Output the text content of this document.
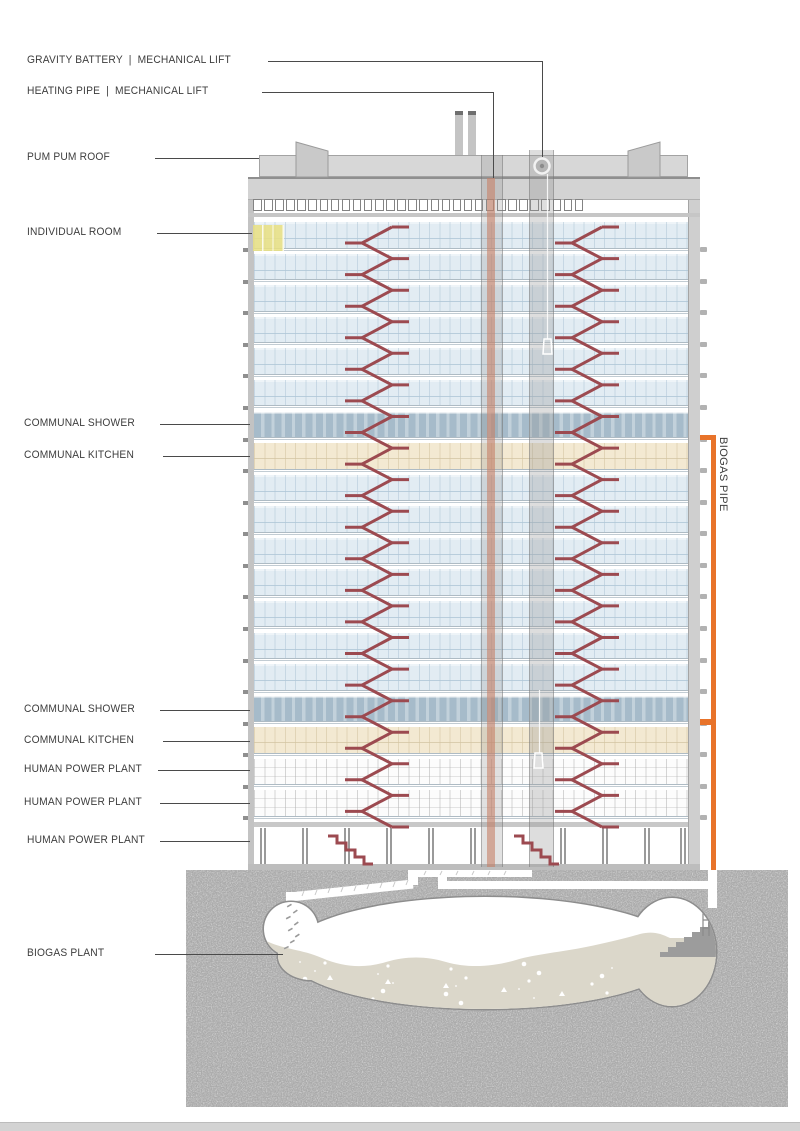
GRAVITY BATTERY  |  MECHANICAL LIFT
HEATING PIPE  |  MECHANICAL LIFT
PUM PUM ROOF
INDIVIDUAL ROOM
COMMUNAL SHOWER
COMMUNAL KITCHEN
COMMUNAL SHOWER
COMMUNAL KITCHEN
HUMAN POWER PLANT
HUMAN POWER PLANT
HUMAN POWER PLANT
BIOGAS PLANT
BIOGAS PIPE
